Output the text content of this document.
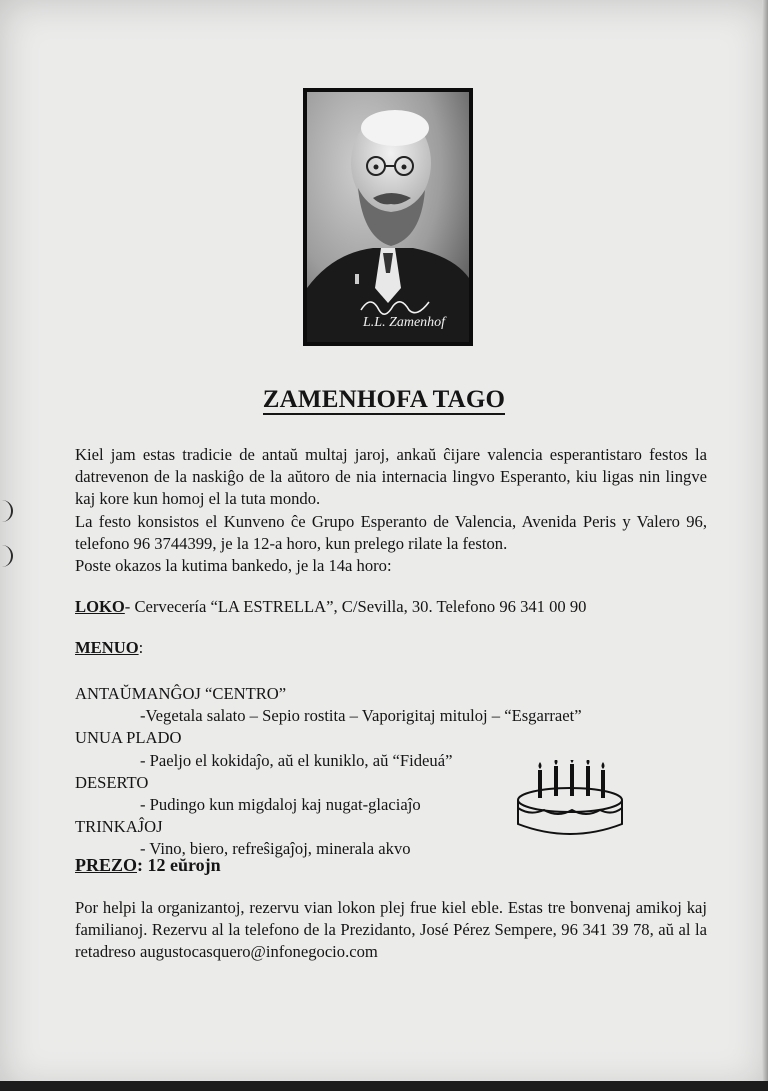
L.L. Zamenhof
ZAMENHOFA TAGO

Kiel jam estas tradicie de antaŭ multaj jaroj, ankaŭ ĉijare valencia esperantistaro festos la datrevenon de la naskiĝo de la aŭtoro de nia internacia lingvo Esperanto, kiu ligas nin lingve kaj kore kun homoj el la tuta mondo.

La festo konsistos el Kunveno ĉe Grupo Esperanto de Valencia, Avenida Peris y Valero 96, telefono 96 3744399, je la 12-a horo, kun prelego rilate la feston.

Poste okazos la kutima bankedo, je la 14a horo:

LOKO- Cervecería “LA ESTRELLA”, C/Sevilla, 30. Telefono 96 341 00 90
MENUO:
ANTAŬMANĜOJ “CENTRO”
-Vegetala salato – Sepio rostita – Vaporigitaj mituloj – “Esgarraet”
UNUA PLADO
- Paeljo el kokidaĵo, aŭ el kuniklo, aŭ “Fideuá”
DESERTO
- Pudingo kun migdaloj kaj nugat-glaciaĵo
TRINKAĴOJ
- Vino, biero, refreŝigaĵoj, minerala akvo
PREZO: 12 eŭrojn
Por helpi la organizantoj, rezervu vian lokon plej frue kiel eble. Estas tre bonvenaj amikoj kaj familianoj. Rezervu al la telefono de la Prezidanto, José Pérez Sempere, 96 341 39 78, aŭ al la retadreso augustocasquero@infonegocio.com
